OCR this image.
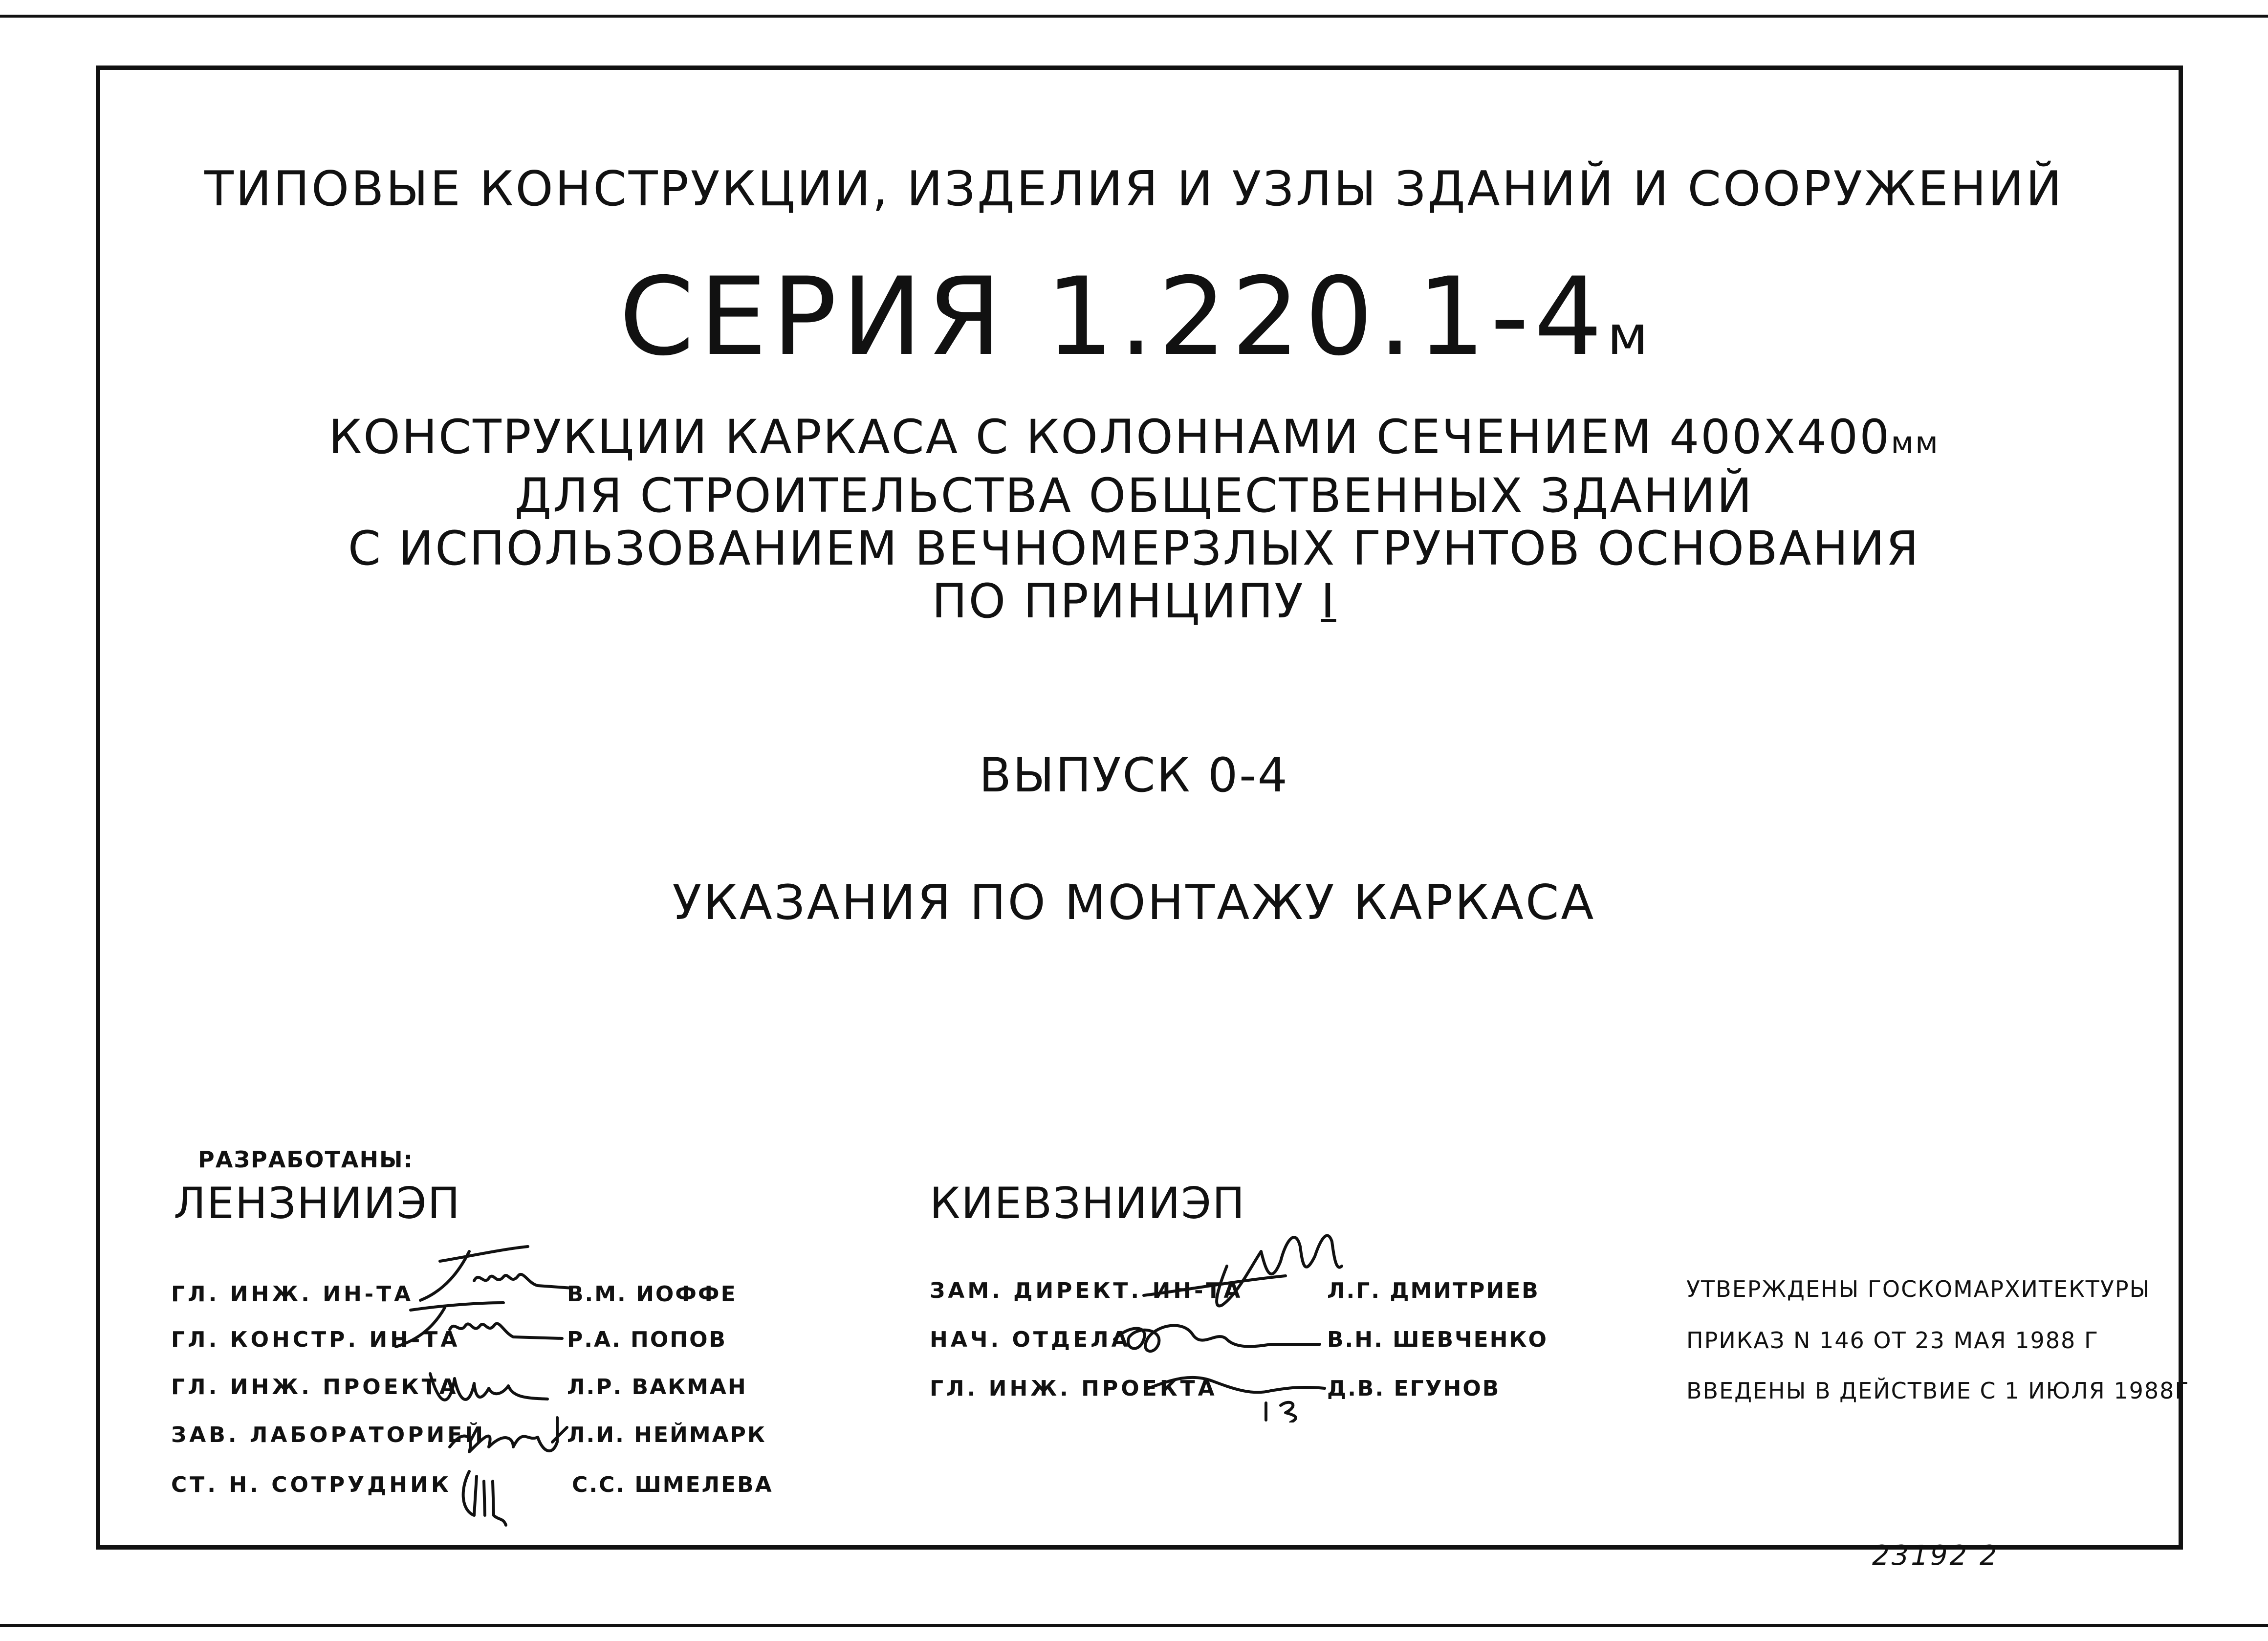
ТИПОВЫЕ КОНСТРУКЦИИ, ИЗДЕЛИЯ И УЗЛЫ ЗДАНИЙ И СООРУЖЕНИЙ
СЕРИЯ 1.220.1-4м
КОНСТРУКЦИИ КАРКАСА С КОЛОННАМИ СЕЧЕНИЕМ 400Х400мм
ДЛЯ СТРОИТЕЛЬСТВА ОБЩЕСТВЕННЫХ ЗДАНИЙ
С ИСПОЛЬЗОВАНИЕМ ВЕЧНОМЕРЗЛЫХ ГРУНТОВ ОСНОВАНИЯ
ПО ПРИНЦИПУ I
ВЫПУСК 0-4
УКАЗАНИЯ ПО МОНТАЖУ КАРКАСА
РАЗРАБОТАНЫ:
ЛЕНЗНИИЭП
ГЛ. ИНЖ. ИН-ТА	В.М. ИОФФЕ
ГЛ. КОНСТР. ИН-ТА	Р.А. ПОПОВ
ГЛ. ИНЖ. ПРОЕКТА	Л.Р. ВАКМАН
ЗАВ. ЛАБОРАТОРИЕЙ	Л.И. НЕЙМАРК
СТ. Н. СОТРУДНИК	С.С. ШМЕЛЕВА
КИЕВЗНИИЭП
ЗАМ. ДИРЕКТ. ИН-ТА	Л.Г. ДМИТРИЕВ
НАЧ. ОТДЕЛА	В.Н. ШЕВЧЕНКО
ГЛ. ИНЖ. ПРОЕКТА	Д.В. ЕГУНОВ
УТВЕРЖДЕНЫ ГОСКОМАРХИТЕКТУРЫ
ПРИКАЗ N 146 ОТ 23 МАЯ 1988 Г
ВВЕДЕНЫ В ДЕЙСТВИЕ С 1 ИЮЛЯ 1988Г
23192 2
